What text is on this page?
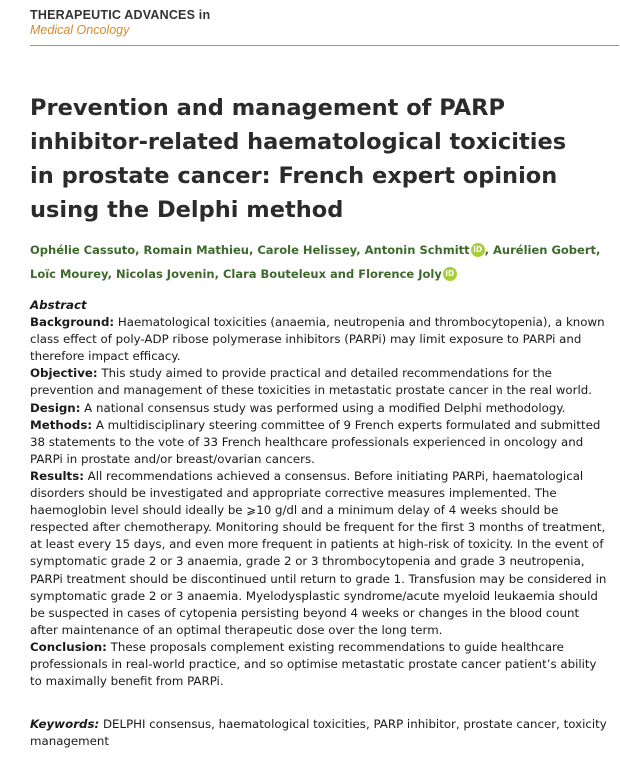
THERAPEUTIC ADVANCES in
Medical Oncology
Prevention and management of PARP
inhibitor-related haematological toxicities
in prostate cancer: French expert opinion
using the Delphi method
Ophélie Cassuto, Romain Mathieu, Carole Helissey, Antonin Schmitt iD , Aurélien Gobert,
Loïc Mourey, Nicolas Jovenin, Clara Bouteleux and Florence Joly iD
Abstract

Background: Haematological toxicities (anaemia, neutropenia and thrombocytopenia), a known class effect of poly-ADP ribose polymerase inhibitors (PARPi) may limit exposure to PARPi and therefore impact efficacy.

Objective: This study aimed to provide practical and detailed recommendations for the prevention and management of these toxicities in metastatic prostate cancer in the real world.

Design: A national consensus study was performed using a modified Delphi methodology.

Methods: A multidisciplinary steering committee of 9 French experts formulated and submitted 38 statements to the vote of 33 French healthcare professionals experienced in oncology and PARPi in prostate and/or breast/ovarian cancers.

Results: All recommendations achieved a consensus. Before initiating PARPi, haematological disorders should be investigated and appropriate corrective measures implemented. The haemoglobin level should ideally be ⩾10 g/dl and a minimum delay of 4 weeks should be respected after chemotherapy. Monitoring should be frequent for the first 3 months of treatment, at least every 15 days, and even more frequent in patients at high-risk of toxicity. In the event of symptomatic grade 2 or 3 anaemia, grade 2 or 3 thrombocytopenia and grade 3 neutropenia, PARPi treatment should be discontinued until return to grade 1. Transfusion may be considered in symptomatic grade 2 or 3 anaemia. Myelodysplastic syndrome/acute myeloid leukaemia should be suspected in cases of cytopenia persisting beyond 4 weeks or changes in the blood count after maintenance of an optimal therapeutic dose over the long term.

Conclusion: These proposals complement existing recommendations to guide healthcare professionals in real-world practice, and so optimise metastatic prostate cancer patient’s ability to maximally benefit from PARPi.

Keywords: DELPHI consensus, haematological toxicities, PARP inhibitor, prostate cancer, toxicity management
